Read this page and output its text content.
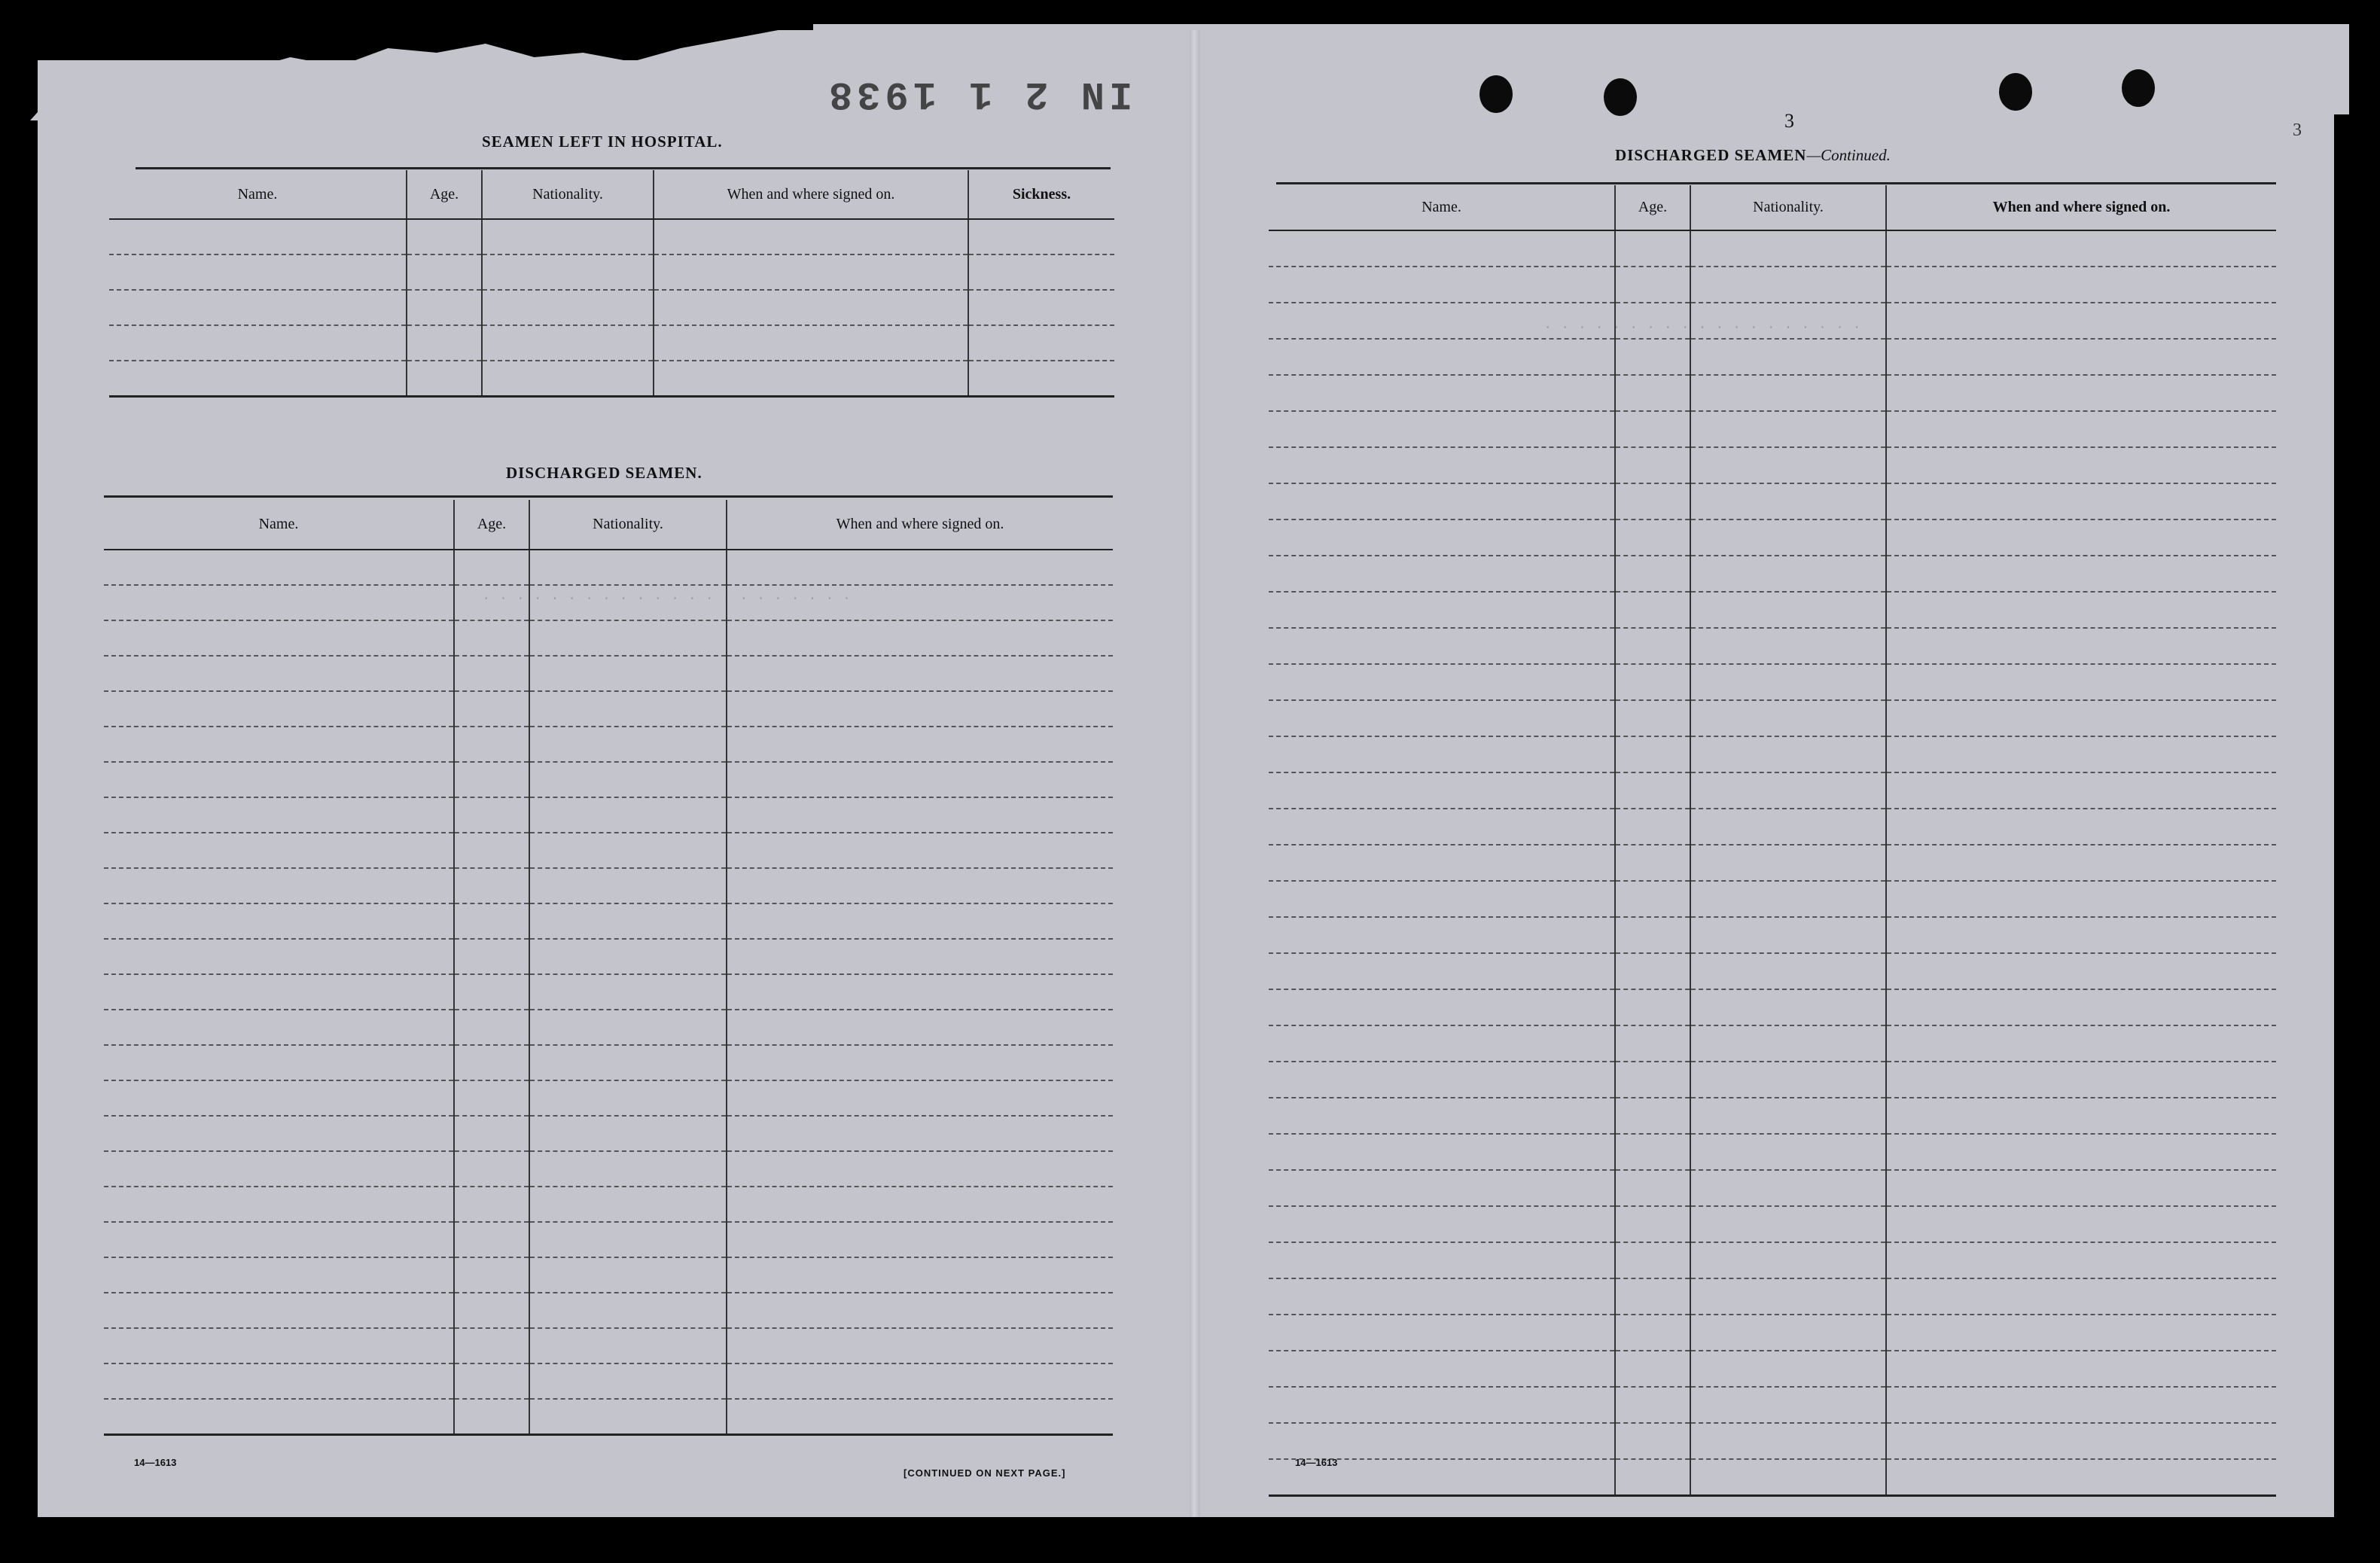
IN 2 1 1938
3	3
. . . . . . . . . . . . . . . . . . .
. . . . . . . . . . . . . . . . . . . . . .
SEAMEN LEFT IN HOSPITAL.
Name.	Age.	Nationality.	When and where signed on.	Sickness.

DISCHARGED SEAMEN.
Name.	Age.	Nationality.	When and where signed on.

14—1613
[CONTINUED ON NEXT PAGE.]
DISCHARGED SEAMEN—Continued.
Name.	Age.	Nationality.	When and where signed on.

14—1613
